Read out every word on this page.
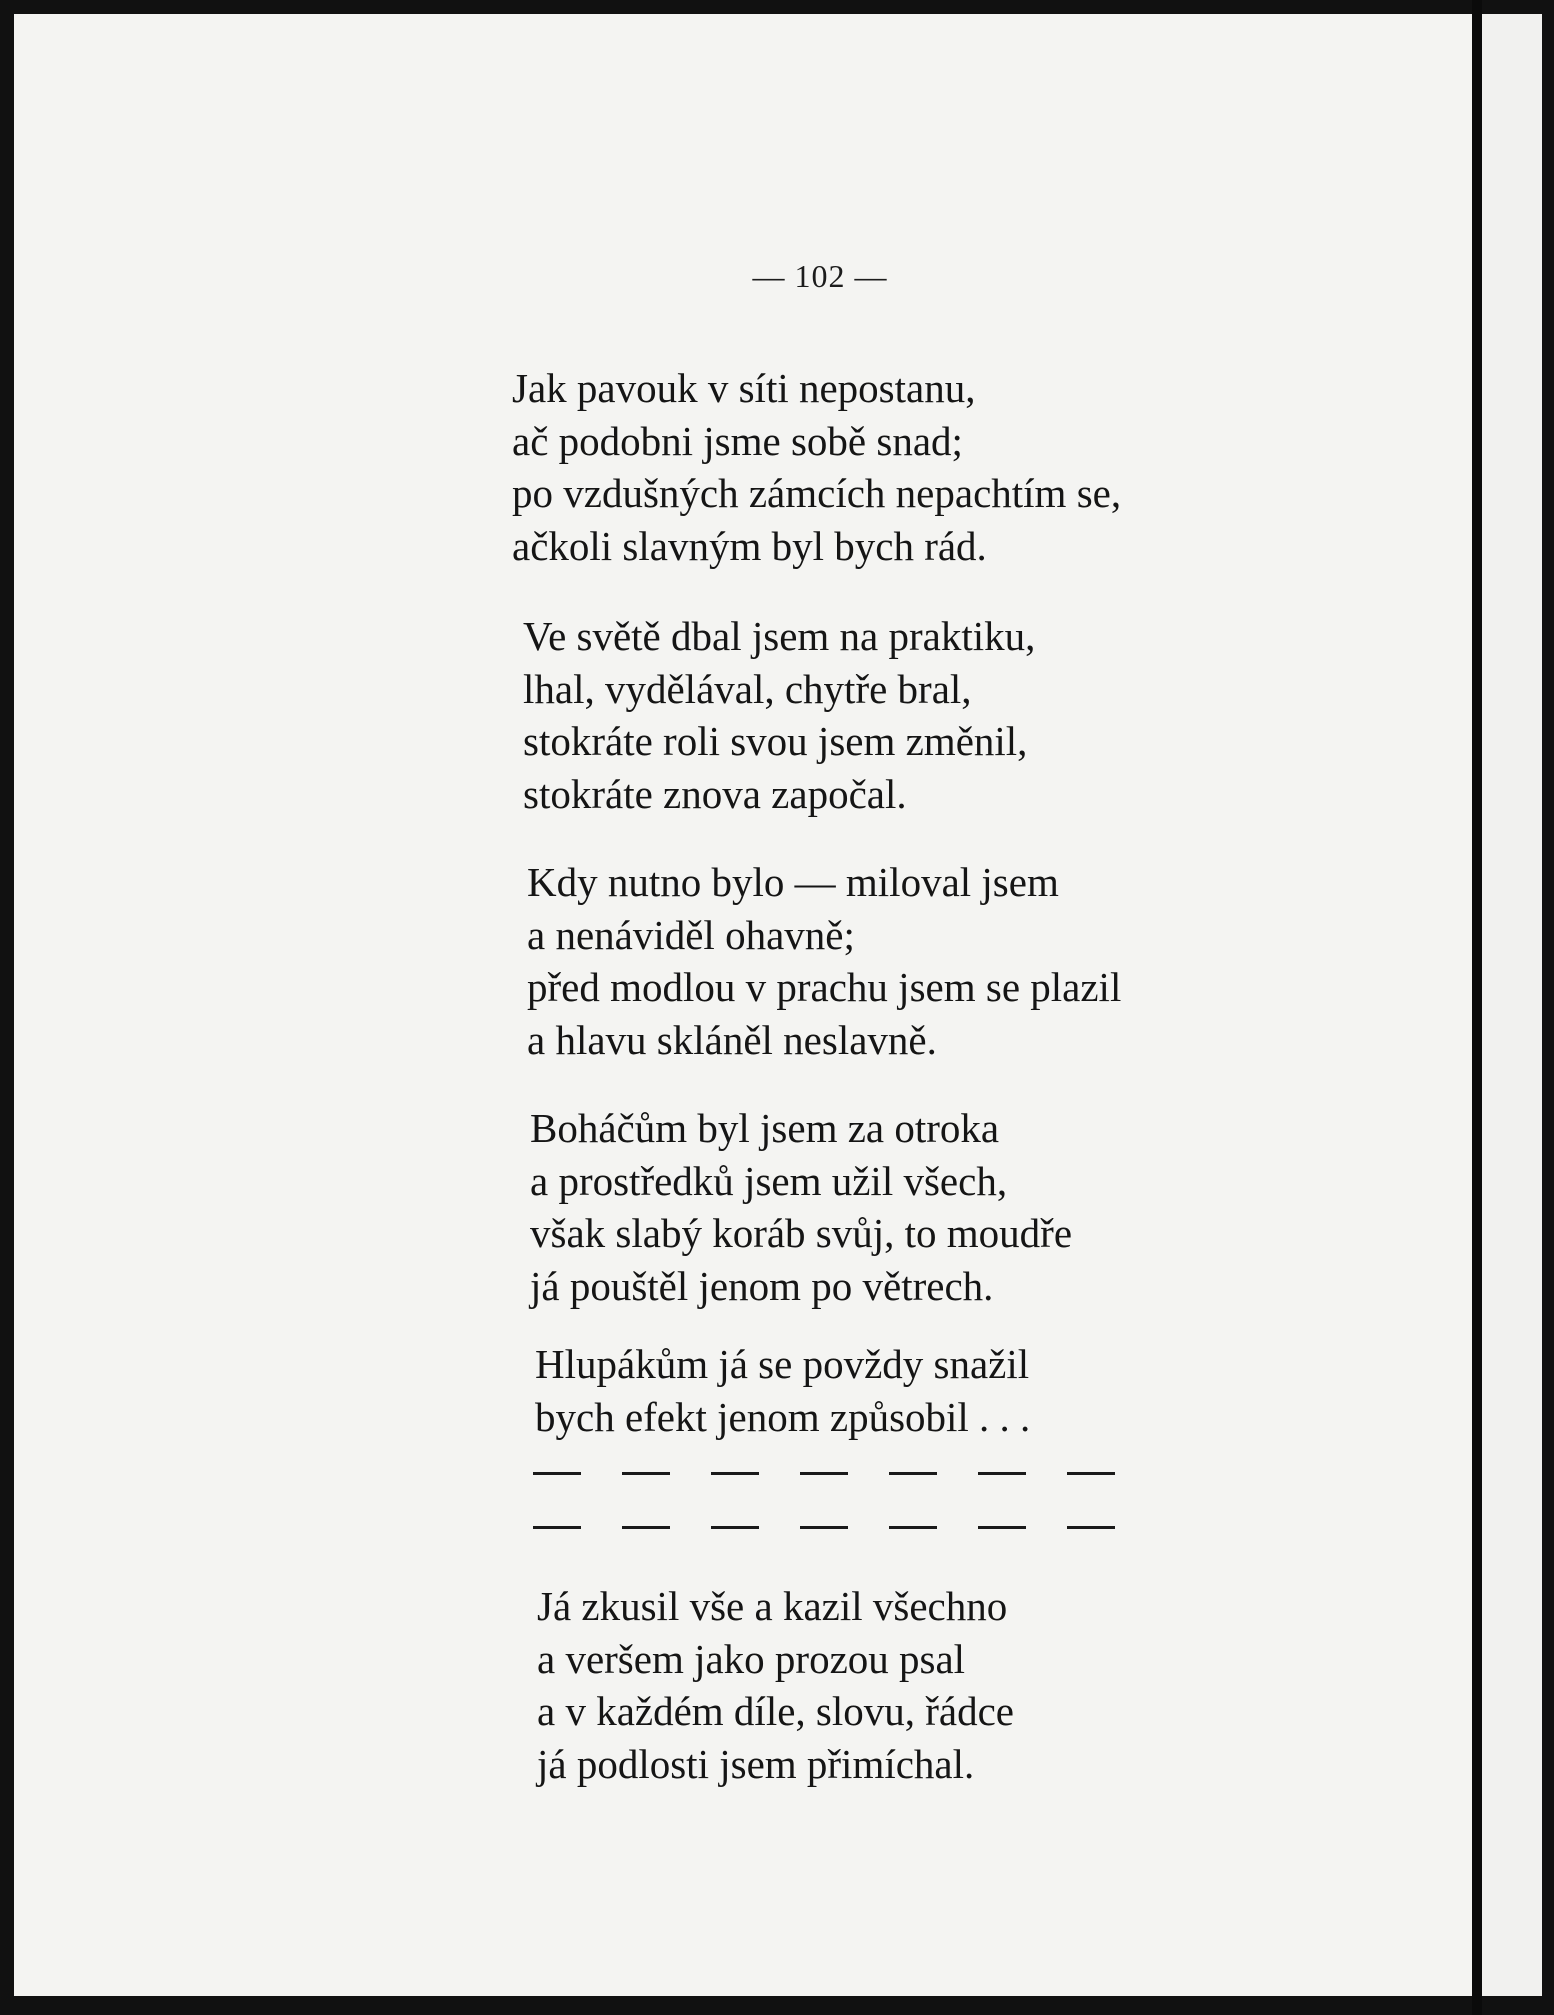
— 102 —
Jak pavouk v síti nepostanu,
ač podobni jsme sobě snad;
po vzdušných zámcích nepachtím se,
ačkoli slavným byl bych rád.
Ve světě dbal jsem na praktiku,
lhal, vydělával, chytře bral,
stokráte roli svou jsem změnil,
stokráte znova započal.
Kdy nutno bylo — miloval jsem
a nenáviděl ohavně;
před modlou v prachu jsem se plazil
a hlavu skláněl neslavně.
Boháčům byl jsem za otroka
a prostředků jsem užil všech,
však slabý koráb svůj, to moudře
já pouštěl jenom po větrech.
Hlupákům já se povždy snažil
bych efekt jenom způsobil . . .
Já zkusil vše a kazil všechno
a veršem jako prozou psal
a v každém díle, slovu, řádce
já podlosti jsem přimíchal.
